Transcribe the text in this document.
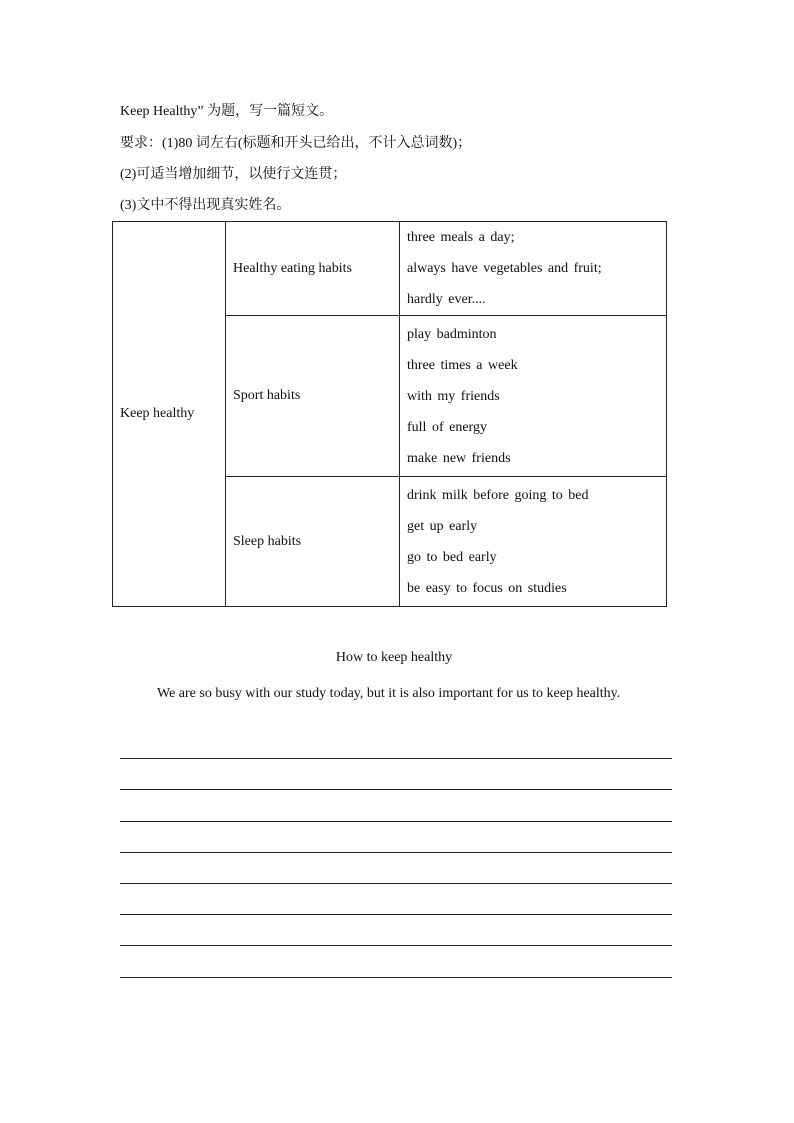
Keep Healthy” 为题，写一篇短文。
要求：(1)80 词左右(标题和开头已给出，不计入总词数)；
(2)可适当增加细节，以使行文连贯；
(3)文中不得出现真实姓名。
Keep healthy	Healthy eating habits	three meals a day;
always have vegetables and fruit;
hardly ever....

	Sport habits	play badminton
three times a week
with my friends
full of energy
make new friends

	Sleep habits	drink milk before going to bed
get up early
go to bed early
be easy to focus on studies
How to keep healthy

We are so busy with our study today, but it is also important for us to keep healthy.
